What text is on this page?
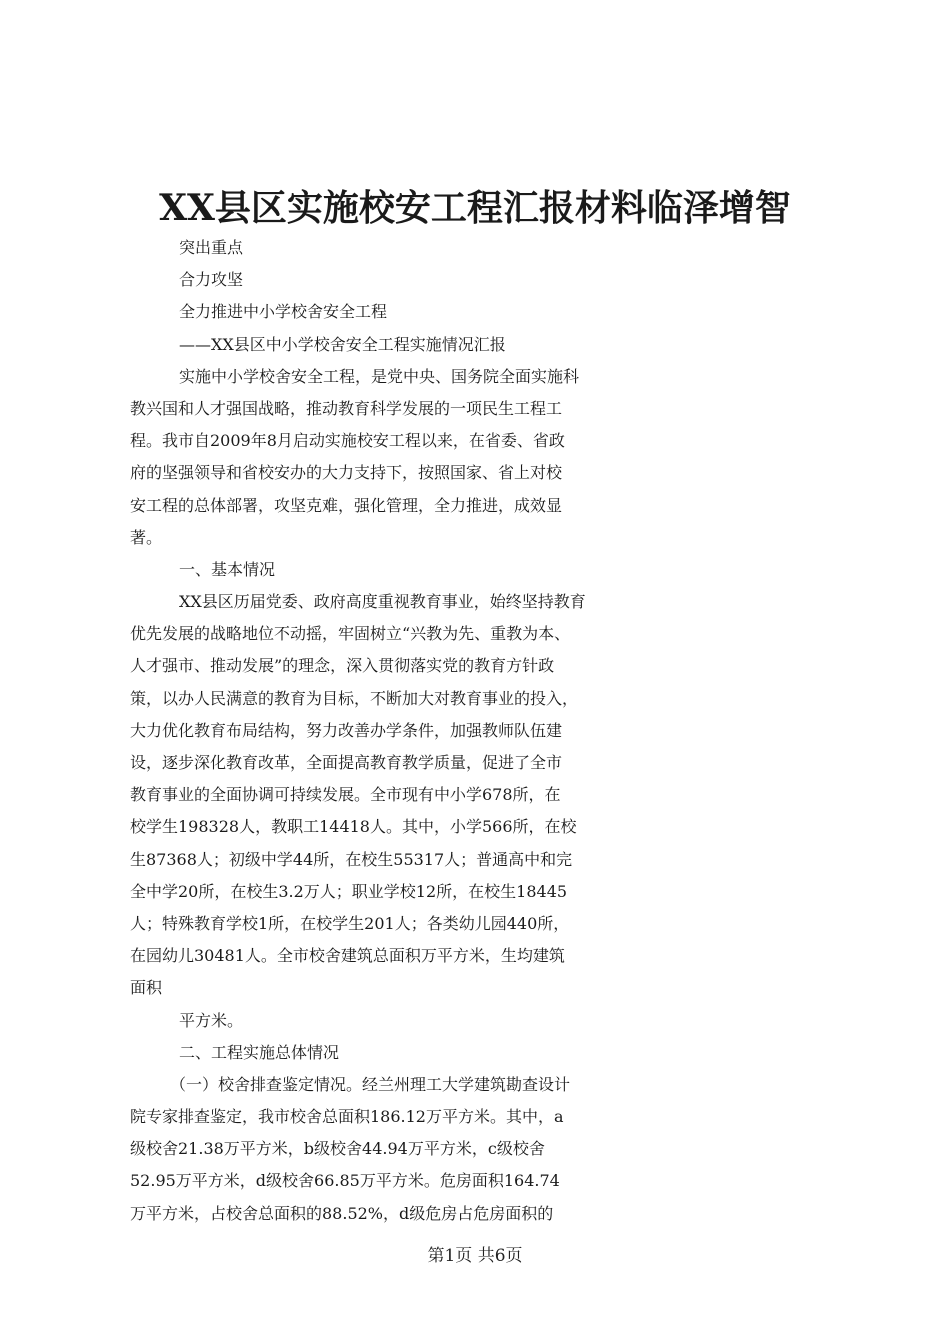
XX县区实施校安工程汇报材料临泽增智
突出重点
合力攻坚
全力推进中小学校舍安全工程
——XX县区中小学校舍安全工程实施情况汇报
实施中小学校舍安全工程，是党中央、国务院全面实施科
教兴国和人才强国战略，推动教育科学发展的一项民生工程工
程。我市自2009年8月启动实施校安工程以来，在省委、省政
府的坚强领导和省校安办的大力支持下，按照国家、省上对校
安工程的总体部署，攻坚克难，强化管理，全力推进，成效显
著。
一、基本情况
XX县区历届党委、政府高度重视教育事业，始终坚持教育
优先发展的战略地位不动摇，牢固树立“兴教为先、重教为本、
人才强市、推动发展”的理念，深入贯彻落实党的教育方针政
策，以办人民满意的教育为目标，不断加大对教育事业的投入，
大力优化教育布局结构，努力改善办学条件，加强教师队伍建
设，逐步深化教育改革，全面提高教育教学质量，促进了全市
教育事业的全面协调可持续发展。全市现有中小学678所，在
校学生198328人，教职工14418人。其中，小学566所，在校
生87368人；初级中学44所，在校生55317人；普通高中和完
全中学20所，在校生3.2万人；职业学校12所，在校生18445
人；特殊教育学校1所，在校学生201人；各类幼儿园440所，
在园幼儿30481人。全市校舍建筑总面积万平方米，生均建筑
面积
平方米。
二、工程实施总体情况
（一）校舍排查鉴定情况。经兰州理工大学建筑勘查设计
院专家排查鉴定，我市校舍总面积186.12万平方米。其中，a
级校舍21.38万平方米，b级校舍44.94万平方米，c级校舍
52.95万平方米，d级校舍66.85万平方米。危房面积164.74
万平方米，占校舍总面积的88.52%，d级危房占危房面积的
第1页 共6页
